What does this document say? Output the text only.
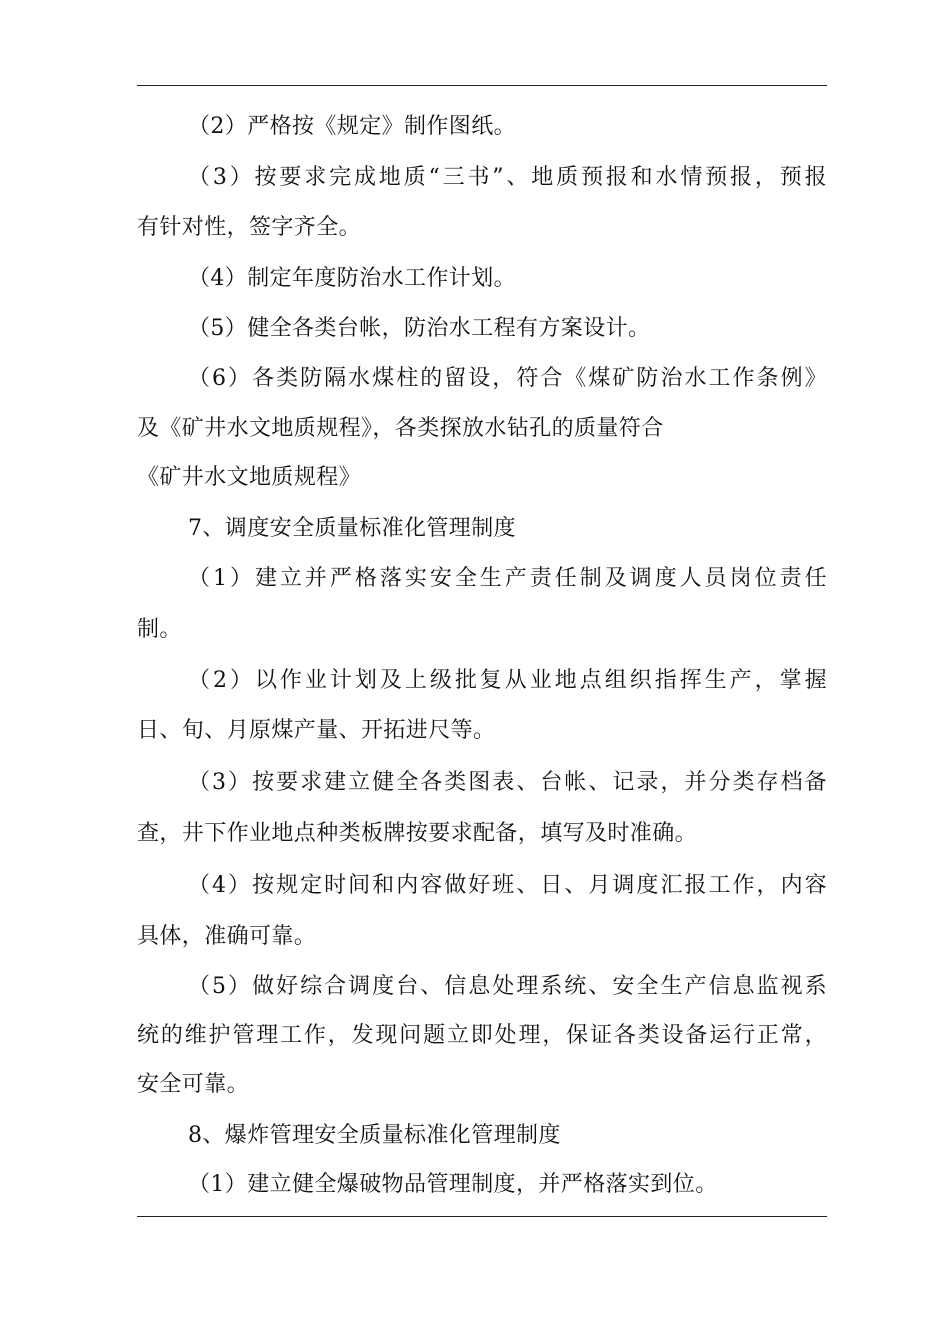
（2）严格按《规定》制作图纸。
（3）按要求完成地质“三书”、地质预报和水情预报，预报
有针对性，签字齐全。
（4）制定年度防治水工作计划。
（5）健全各类台帐，防治水工程有方案设计。
（6）各类防隔水煤柱的留设，符合《煤矿防治水工作条例》
及《矿井水文地质规程》，各类探放水钻孔的质量符合
《矿井水文地质规程》
7、调度安全质量标准化管理制度
（1）建立并严格落实安全生产责任制及调度人员岗位责任
制。
（2）以作业计划及上级批复从业地点组织指挥生产，掌握
日、旬、月原煤产量、开拓进尺等。
（3）按要求建立健全各类图表、台帐、记录，并分类存档备
查，井下作业地点种类板牌按要求配备，填写及时准确。
（4）按规定时间和内容做好班、日、月调度汇报工作，内容
具体，准确可靠。
（5）做好综合调度台、信息处理系统、安全生产信息监视系
统的维护管理工作，发现问题立即处理，保证各类设备运行正常，
安全可靠。
8、爆炸管理安全质量标准化管理制度
（1）建立健全爆破物品管理制度，并严格落实到位。
